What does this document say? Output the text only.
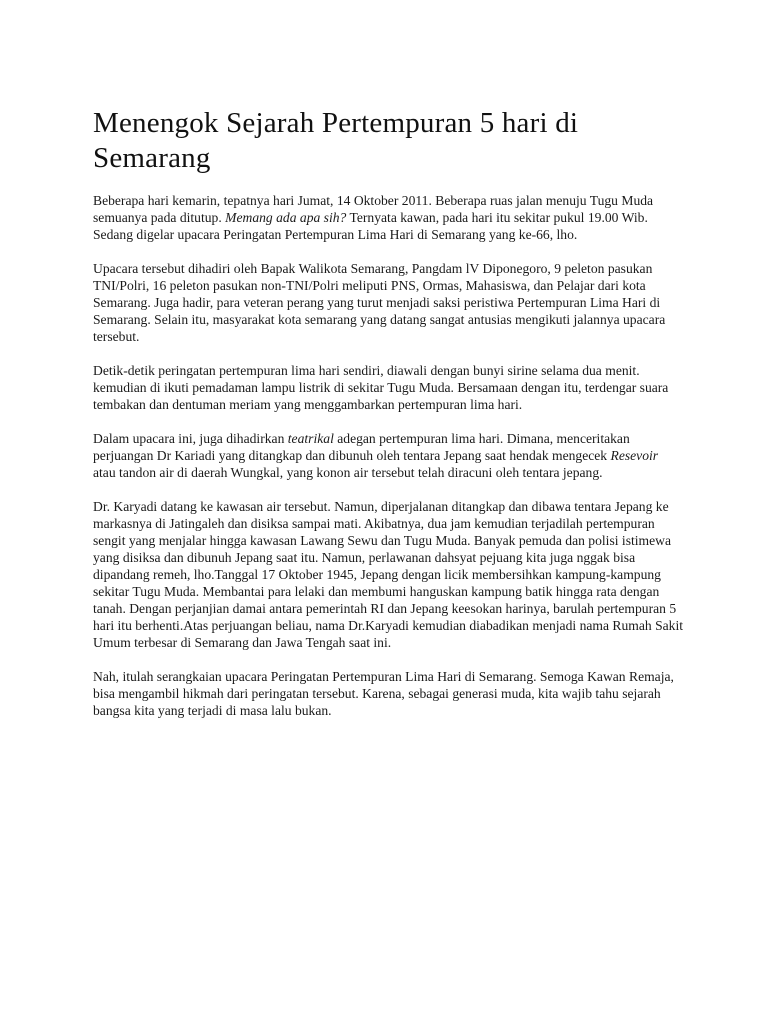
Menengok Sejarah Pertempuran 5 hari di Semarang

Beberapa hari kemarin, tepatnya hari Jumat, 14 Oktober 2011. Beberapa ruas jalan menuju Tugu Muda semuanya pada ditutup. Memang ada apa sih? Ternyata kawan, pada hari itu sekitar pukul 19.00 Wib. Sedang digelar upacara Peringatan Pertempuran Lima Hari di Semarang yang ke-66, lho.

Upacara tersebut dihadiri oleh Bapak Walikota Semarang, Pangdam lV Diponegoro, 9 peleton pasukan TNI/Polri, 16 peleton pasukan non-TNI/Polri meliputi PNS, Ormas, Mahasiswa, dan Pelajar dari kota Semarang. Juga hadir, para veteran perang yang turut menjadi saksi peristiwa Pertempuran Lima Hari di Semarang. Selain itu, masyarakat kota semarang yang datang sangat antusias mengikuti jalannya upacara tersebut.

Detik-detik peringatan pertempuran lima hari sendiri, diawali dengan bunyi sirine selama dua menit. kemudian di ikuti pemadaman lampu listrik di sekitar Tugu Muda. Bersamaan dengan itu, terdengar suara tembakan dan dentuman meriam yang menggambarkan pertempuran lima hari.

Dalam upacara ini, juga dihadirkan teatrikal adegan pertempuran lima hari. Dimana, menceritakan perjuangan Dr Kariadi yang ditangkap dan dibunuh oleh tentara Jepang saat hendak mengecek Resevoir atau tandon air di daerah Wungkal, yang konon air tersebut telah diracuni oleh tentara jepang.

Dr. Karyadi datang ke kawasan air tersebut. Namun, diperjalanan ditangkap dan dibawa tentara Jepang ke markasnya di Jatingaleh dan disiksa sampai mati. Akibatnya, dua jam kemudian terjadilah pertempuran sengit yang menjalar hingga kawasan Lawang Sewu dan Tugu Muda. Banyak pemuda dan polisi istimewa yang disiksa dan dibunuh Jepang saat itu. Namun, perlawanan dahsyat pejuang kita juga nggak bisa dipandang remeh, lho.Tanggal 17 Oktober 1945, Jepang dengan licik membersihkan kampung-kampung sekitar Tugu Muda. Membantai para lelaki dan membumi hanguskan kampung batik hingga rata dengan tanah. Dengan perjanjian damai antara pemerintah RI dan Jepang keesokan harinya, barulah pertempuran 5 hari itu berhenti.Atas perjuangan beliau, nama Dr.Karyadi kemudian diabadikan menjadi nama Rumah Sakit Umum terbesar di Semarang dan Jawa Tengah saat ini.

Nah, itulah serangkaian upacara Peringatan Pertempuran Lima Hari di Semarang. Semoga Kawan Remaja, bisa mengambil hikmah dari peringatan tersebut. Karena, sebagai generasi muda, kita wajib tahu sejarah bangsa kita yang terjadi di masa lalu bukan.
